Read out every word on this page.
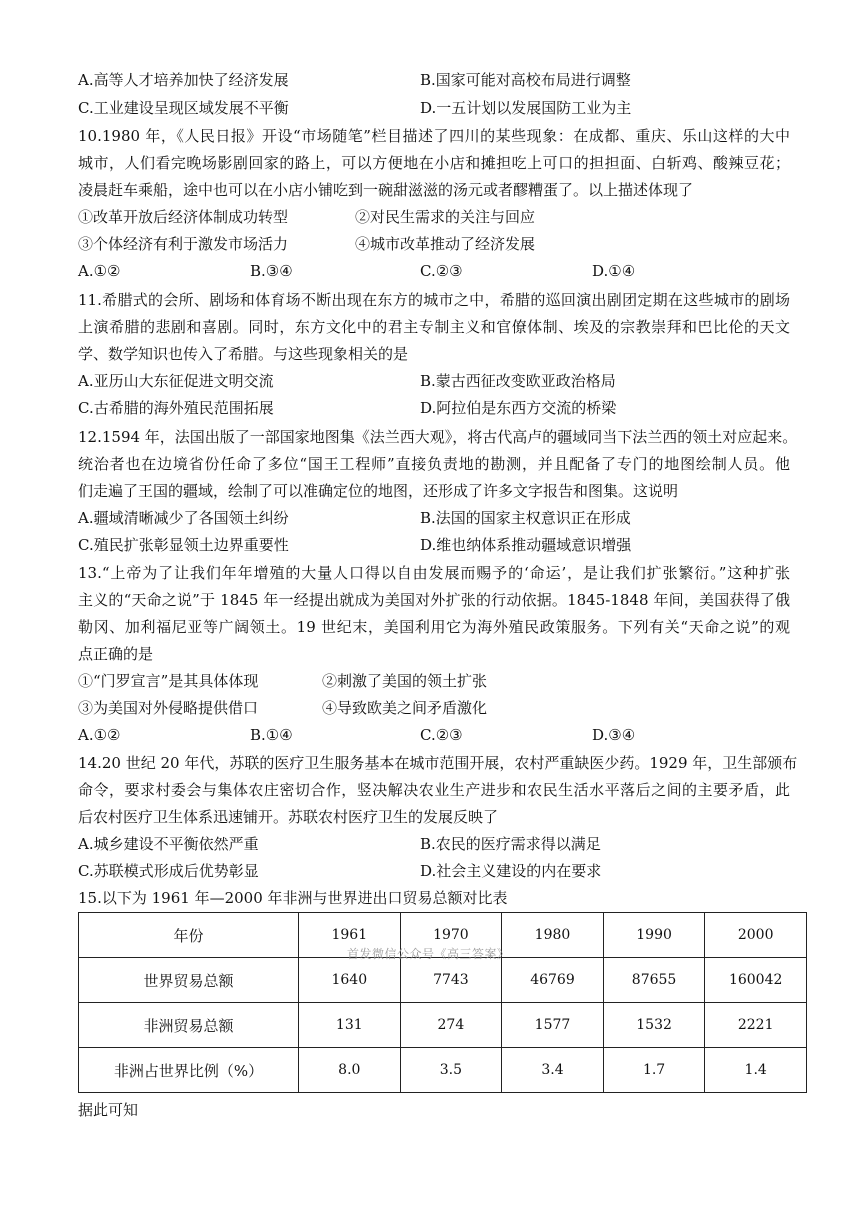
A.高等人才培养加快了经济发展	B.国家可能对高校布局进行调整
C.工业建设呈现区域发展不平衡	D.一五计划以发展国防工业为主
10.1980 年，《人民日报》开设“市场随笔”栏目描述了四川的某些现象：在成都、重庆、乐山这样的大中
城市，人们看完晚场影剧回家的路上，可以方便地在小店和摊担吃上可口的担担面、白斩鸡、酸辣豆花；
凌晨赶车乘船，途中也可以在小店小铺吃到一碗甜滋滋的汤元或者醪糟蛋了。以上描述体现了
①改革开放后经济体制成功转型	②对民生需求的关注与回应
③个体经济有利于激发市场活力	④城市改革推动了经济发展
A.①②	B.③④	C.②③	D.①④
11.希腊式的会所、剧场和体育场不断出现在东方的城市之中，希腊的巡回演出剧团定期在这些城市的剧场
上演希腊的悲剧和喜剧。同时，东方文化中的君主专制主义和官僚体制、埃及的宗教崇拜和巴比伦的天文
学、数学知识也传入了希腊。与这些现象相关的是
A.亚历山大东征促进文明交流	B.蒙古西征改变欧亚政治格局
C.古希腊的海外殖民范围拓展	D.阿拉伯是东西方交流的桥梁
12.1594 年，法国出版了一部国家地图集《法兰西大观》，将古代高卢的疆域同当下法兰西的领土对应起来。
统治者也在边境省份任命了多位“国王工程师”直接负责地的勘测，并且配备了专门的地图绘制人员。他
们走遍了王国的疆域，绘制了可以准确定位的地图，还形成了许多文字报告和图集。这说明
A.疆域清晰减少了各国领土纠纷	B.法国的国家主权意识正在形成
C.殖民扩张彰显领土边界重要性	D.维也纳体系推动疆域意识增强
13.“上帝为了让我们年年增殖的大量人口得以自由发展而赐予的‘命运’，是让我们扩张繁衍。”这种扩张
主义的“天命之说”于 1845 年一经提出就成为美国对外扩张的行动依据。1845-1848 年间，美国获得了俄
勒冈、加利福尼亚等广阔领土。19 世纪末，美国利用它为海外殖民政策服务。下列有关“天命之说”的观
点正确的是
①“门罗宣言”是其具体体现	②刺激了美国的领土扩张
③为美国对外侵略提供借口	④导致欧美之间矛盾激化
A.①②	B.①④	C.②③	D.③④
14.20 世纪 20 年代，苏联的医疗卫生服务基本在城市范围开展，农村严重缺医少药。1929 年，卫生部颁布
命令，要求村委会与集体农庄密切合作，竖决解决农业生产进步和农民生活水平落后之间的主要矛盾，此
后农村医疗卫生体系迅速铺开。苏联农村医疗卫生的发展反映了
A.城乡建设不平衡依然严重	B.农民的医疗需求得以满足
C.苏联模式形成后优势彰显	D.社会主义建设的内在要求
15.以下为 1961 年—2000 年非洲与世界进出口贸易总额对比表
年份	1961	1970	1980	1990	2000
世界贸易总额	1640	7743	46769	87655	160042
非洲贸易总额	131	274	1577	1532	2221
非洲占世界比例（%）	8.0	3.5	3.4	1.7	1.4
首发微信公众号《高三答案》
据此可知
